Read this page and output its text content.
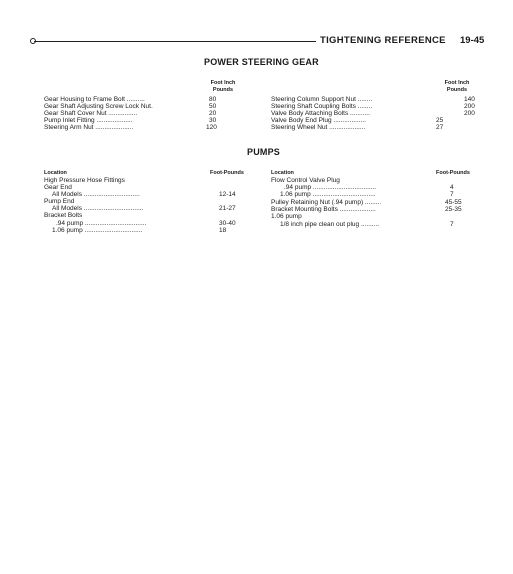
TIGHTENING REFERENCE 19-45
POWER STEERING GEAR
Foot Inch
Pounds
Foot Inch
Pounds
Gear Housing to Frame Bolt ..........	80
Gear Shaft Adjusting Screw Lock Nut.	50
Gear Shaft Cover Nut ................	20
Pump Inlet Fitting ....................	30
Steering Arm Nut .....................	120
Steering Column Support Nut ........	140
Steering Shaft Coupling Bolts ........	200
Valve Body Attaching Bolts ...........	200
Valve Body End Plug ..................	25
Steering Wheel Nut ....................	27
PUMPS
Location	Foot-Pounds	Location	Foot-Pounds
High Pressure Hose Fittings
Gear End
All Models ...............................	12-14
Pump End
All Models .................................	21-27
Bracket Bolts
.94 pump ..................................	30-40
1.06 pump ................................	18
Flow Control Valve Plug
.94 pump ...................................	4
1.06 pump ...................................	7
Pulley Retaining Nut (.94 pump) .........	45-55
Bracket Mounting Bolts ....................	25-35
1.06 pump
1/8 inch pipe clean out plug ..........	7
